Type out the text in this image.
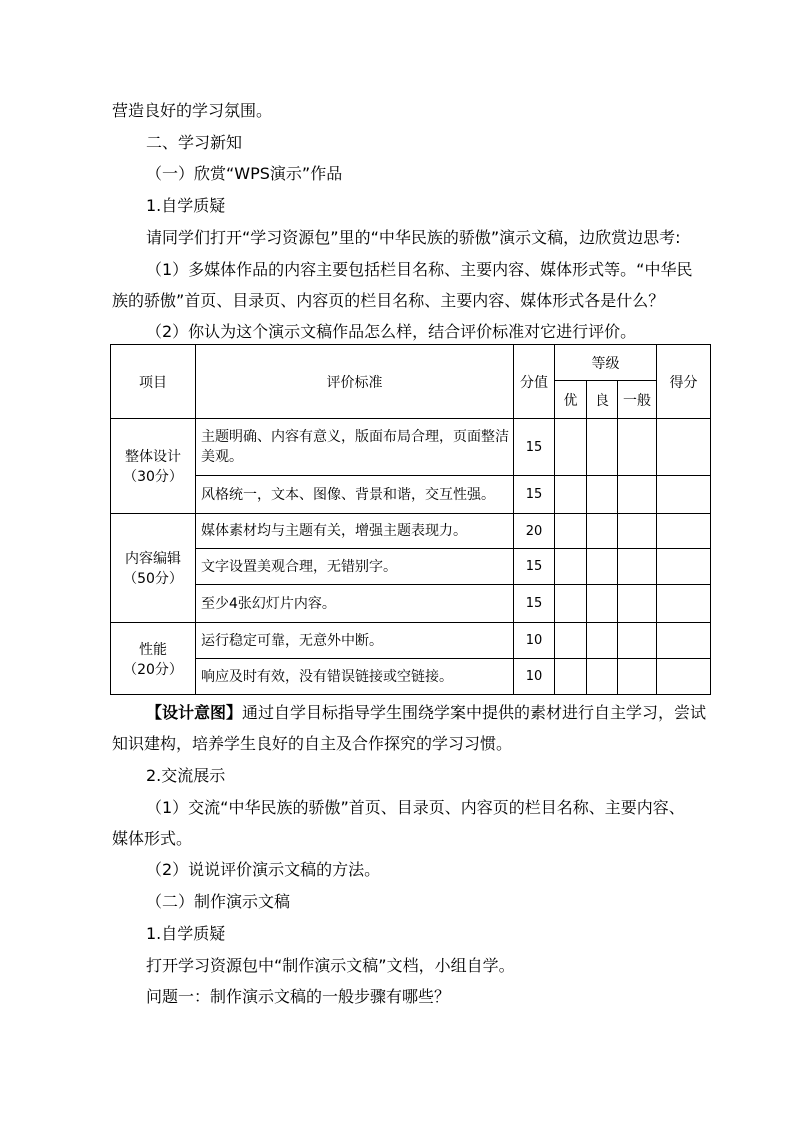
营造良好的学习氛围。
二、学习新知
（一）欣赏“WPS演示”作品
1.自学质疑
请同学们打开“学习资源包”里的“中华民族的骄傲”演示文稿，边欣赏边思考:
（1）多媒体作品的内容主要包括栏目名称、主要内容、媒体形式等。“中华民
族的骄傲”首页、目录页、内容页的栏目名称、主要内容、媒体形式各是什么？
（2）你认为这个演示文稿作品怎么样，结合评价标准对它进行评价。
项目	评价标准	分值	等级			得分
			优	良	一般	

整体设计
（30分）	主题明确、内容有意义，版面布局合理，页面整洁美观。	15				
	风格统一，文本、图像、背景和谐，交互性强。	15				

内容编辑
（50分）	媒体素材均与主题有关，增强主题表现力。	20				
	文字设置美观合理，无错别字。	15				
	至少4张幻灯片内容。	15				

性能
（20分）	运行稳定可靠，无意外中断。	10				
	响应及时有效，没有错误链接或空链接。	10				
【设计意图】通过自学目标指导学生围绕学案中提供的素材进行自主学习，尝试
知识建构，培养学生良好的自主及合作探究的学习习惯。
2.交流展示
（1）交流“中华民族的骄傲”首页、目录页、内容页的栏目名称、主要内容、
媒体形式。
（2）说说评价演示文稿的方法。
（二）制作演示文稿
1.自学质疑
打开学习资源包中“制作演示文稿”文档，小组自学。
问题一：制作演示文稿的一般步骤有哪些？
